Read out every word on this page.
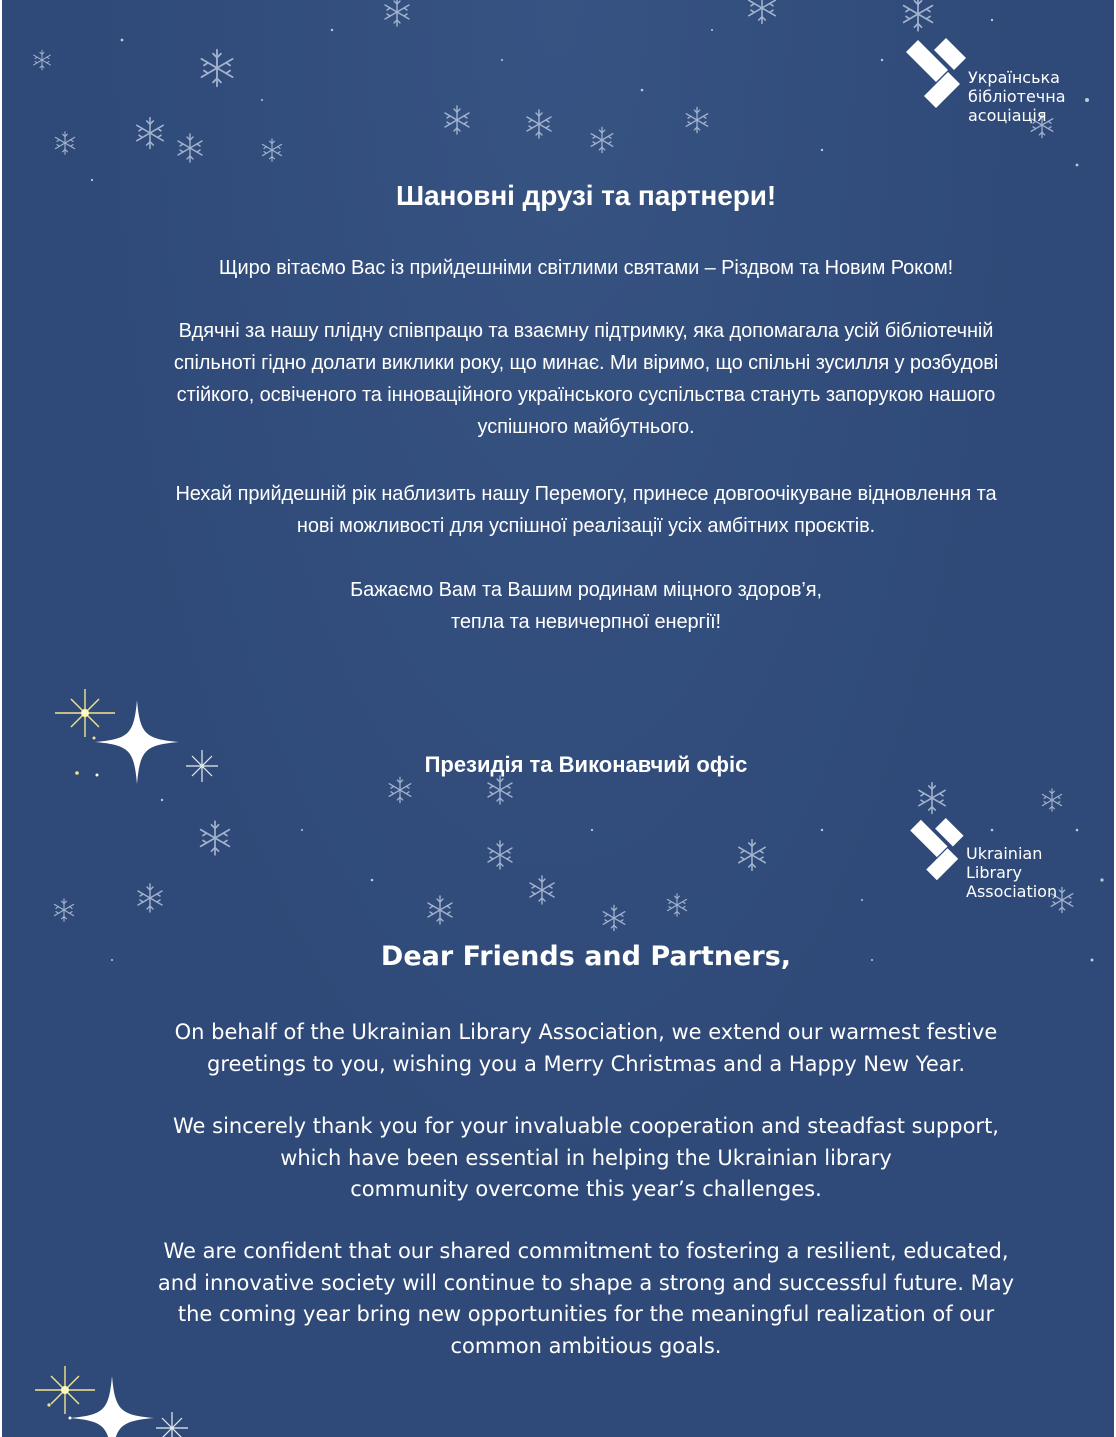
Українська
бібліотечна
асоціація
Ukrainian
Library
Association
Шановні друзі та партнери!
Щиро вітаємо Вас із прийдешніми світлими святами – Різдвом та Новим Роком!
Вдячні за нашу плідну співпрацю та взаємну підтримку, яка допомагала усій бібліотечній
спільноті гідно долати виклики року, що минає. Ми віримо, що спільні зусилля у розбудові
стійкого, освіченого та інноваційного українського суспільства стануть запорукою нашого
успішного майбутнього.
Нехай прийдешній рік наблизить нашу Перемогу, принесе довгоочікуване відновлення та
нові можливості для успішної реалізації усіх амбітних проєктів.
Бажаємо Вам та Вашим родинам міцного здоров’я,
тепла та невичерпної енергії!
Президія та Виконавчий офіс
Dear Friends and Partners,
On behalf of the Ukrainian Library Association, we extend our warmest festive
greetings to you, wishing you a Merry Christmas and a Happy New Year.
We sincerely thank you for your invaluable cooperation and steadfast support,
which have been essential in helping the Ukrainian library
community overcome this year’s challenges.
We are confident that our shared commitment to fostering a resilient, educated,
and innovative society will continue to shape a strong and successful future. May
the coming year bring new opportunities for the meaningful realization of our
common ambitious goals.
